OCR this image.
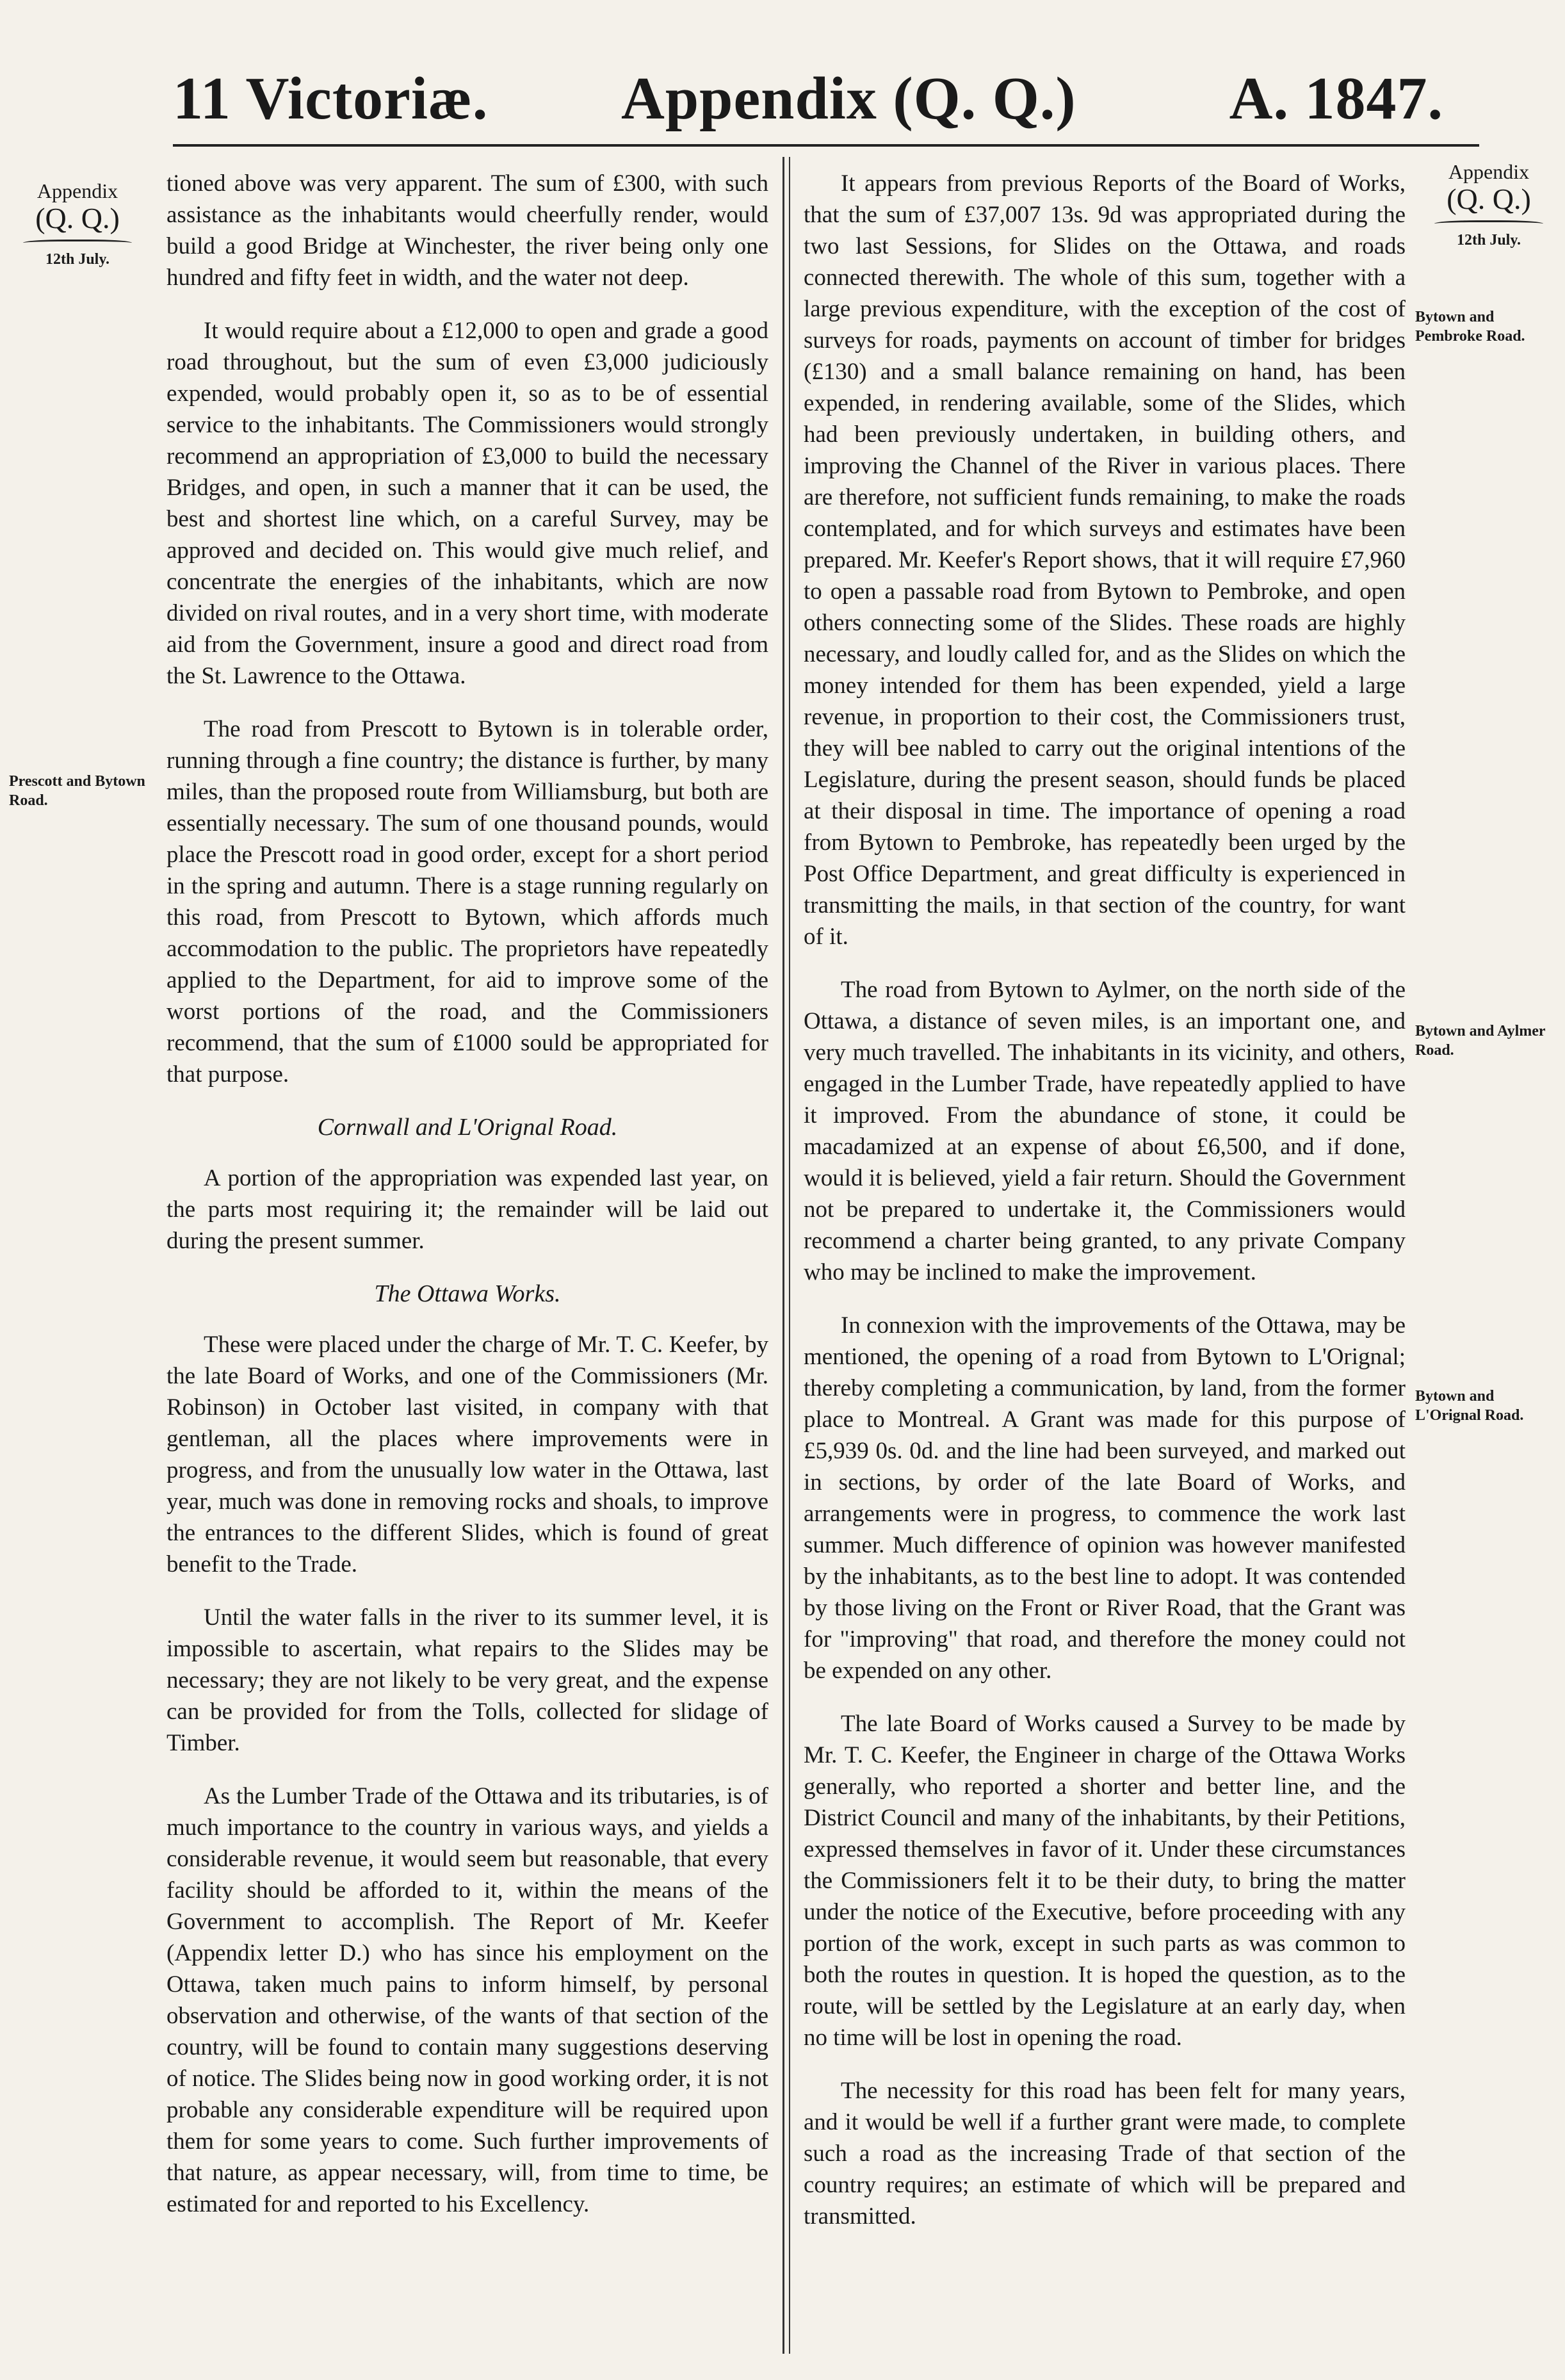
11 Victoriæ. Appendix (Q. Q.)	A. 1847.
Appendix
(Q. Q.)
12th July.
Prescott and Bytown Road.
Appendix
(Q. Q.)
12th July.
Bytown and Pembroke Road.
Bytown and Aylmer Road.
Bytown and L'Orignal Road.

tioned above was very apparent. The sum of £300, with such assistance as the inhabitants would cheerfully render, would build a good Bridge at Winchester, the river being only one hundred and fifty feet in width, and the water not deep.

It would require about a £12,000 to open and grade a good road throughout, but the sum of even £3,000 judiciously expended, would probably open it, so as to be of essential service to the inhabitants. The Commissioners would strongly recommend an appropriation of £3,000 to build the necessary Bridges, and open, in such a manner that it can be used, the best and shortest line which, on a careful Survey, may be approved and decided on. This would give much relief, and concentrate the energies of the inhabitants, which are now divided on rival routes, and in a very short time, with moderate aid from the Government, insure a good and direct road from the St. Lawrence to the Ottawa.

The road from Prescott to Bytown is in tolerable order, running through a fine country; the distance is further, by many miles, than the proposed route from Williamsburg, but both are essentially necessary. The sum of one thousand pounds, would place the Prescott road in good order, except for a short period in the spring and autumn. There is a stage running regularly on this road, from Prescott to Bytown, which affords much accommodation to the public. The proprietors have repeatedly applied to the Department, for aid to improve some of the worst portions of the road, and the Commissioners recommend, that the sum of £1000 sould be appropriated for that purpose.

Cornwall and L'Orignal Road.

A portion of the appropriation was expended last year, on the parts most requiring it; the remainder will be laid out during the present summer.

The Ottawa Works.

These were placed under the charge of Mr. T. C. Keefer, by the late Board of Works, and one of the Commissioners (Mr. Robinson) in October last visited, in company with that gentleman, all the places where improvements were in progress, and from the unusually low water in the Ottawa, last year, much was done in removing rocks and shoals, to improve the entrances to the different Slides, which is found of great benefit to the Trade.

Until the water falls in the river to its summer level, it is impossible to ascertain, what repairs to the Slides may be necessary; they are not likely to be very great, and the expense can be provided for from the Tolls, collected for slidage of Timber.

As the Lumber Trade of the Ottawa and its tributaries, is of much importance to the country in various ways, and yields a considerable revenue, it would seem but reasonable, that every facility should be afforded to it, within the means of the Government to accomplish. The Report of Mr. Keefer (Appendix letter D.) who has since his employment on the Ottawa, taken much pains to inform himself, by personal observation and otherwise, of the wants of that section of the country, will be found to contain many suggestions deserving of notice. The Slides being now in good working order, it is not probable any considerable expenditure will be required upon them for some years to come. Such further improvements of that nature, as appear necessary, will, from time to time, be estimated for and reported to his Excellency.

It appears from previous Reports of the Board of Works, that the sum of £37,007 13s. 9d was appropriated during the two last Sessions, for Slides on the Ottawa, and roads connected therewith. The whole of this sum, together with a large previous expenditure, with the exception of the cost of surveys for roads, payments on account of timber for bridges (£130) and a small balance remaining on hand, has been expended, in rendering available, some of the Slides, which had been previously undertaken, in building others, and improving the Channel of the River in various places. There are therefore, not sufficient funds remaining, to make the roads contemplated, and for which surveys and estimates have been prepared. Mr. Keefer's Report shows, that it will require £7,960 to open a passable road from Bytown to Pembroke, and open others connecting some of the Slides. These roads are highly necessary, and loudly called for, and as the Slides on which the money intended for them has been expended, yield a large revenue, in proportion to their cost, the Commissioners trust, they will bee nabled to carry out the original intentions of the Legislature, during the present season, should funds be placed at their disposal in time. The importance of opening a road from Bytown to Pembroke, has repeatedly been urged by the Post Office Department, and great difficulty is experienced in transmitting the mails, in that section of the country, for want of it.

The road from Bytown to Aylmer, on the north side of the Ottawa, a distance of seven miles, is an important one, and very much travelled. The inhabitants in its vicinity, and others, engaged in the Lumber Trade, have repeatedly applied to have it improved. From the abundance of stone, it could be macadamized at an expense of about £6,500, and if done, would it is believed, yield a fair return. Should the Government not be prepared to undertake it, the Commissioners would recommend a charter being granted, to any private Company who may be inclined to make the improvement.

In connexion with the improvements of the Ottawa, may be mentioned, the opening of a road from Bytown to L'Orignal; thereby completing a communication, by land, from the former place to Montreal. A Grant was made for this purpose of £5,939 0s. 0d. and the line had been surveyed, and marked out in sections, by order of the late Board of Works, and arrangements were in progress, to commence the work last summer. Much difference of opinion was however manifested by the inhabitants, as to the best line to adopt. It was contended by those living on the Front or River Road, that the Grant was for "improving" that road, and therefore the money could not be expended on any other.

The late Board of Works caused a Survey to be made by Mr. T. C. Keefer, the Engineer in charge of the Ottawa Works generally, who reported a shorter and better line, and the District Council and many of the inhabitants, by their Petitions, expressed themselves in favor of it. Under these circumstances the Commissioners felt it to be their duty, to bring the matter under the notice of the Executive, before proceeding with any portion of the work, except in such parts as was common to both the routes in question. It is hoped the question, as to the route, will be settled by the Legislature at an early day, when no time will be lost in opening the road.

The necessity for this road has been felt for many years, and it would be well if a further grant were made, to complete such a road as the increasing Trade of that section of the country requires; an estimate of which will be prepared and transmitted.
